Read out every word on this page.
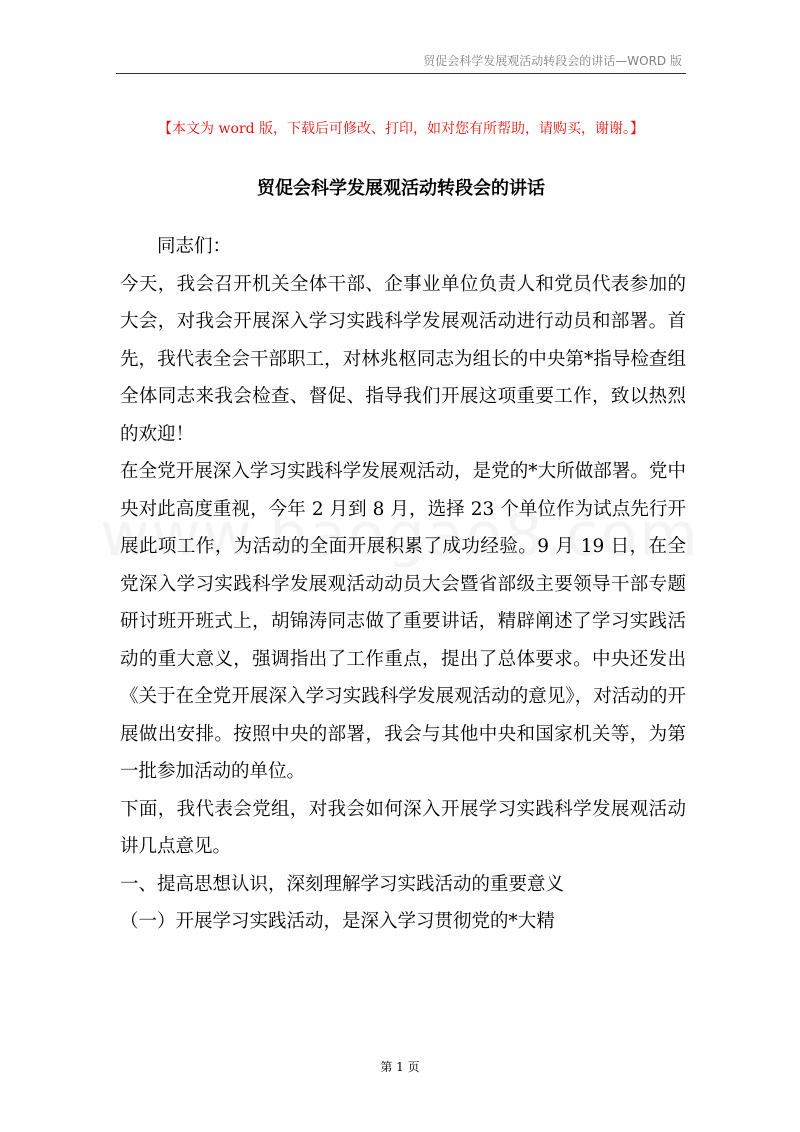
贸促会科学发展观活动转段会的讲话—WORD 版
【本文为 word 版，下载后可修改、打印，如对您有所帮助，请购买，谢谢。】
贸促会科学发展观活动转段会的讲话

同志们：

今天，我会召开机关全体干部、企事业单位负责人和党员代表参加的大会，对我会开展深入学习实践科学发展观活动进行动员和部署。首先，我代表全会干部职工，对林兆枢同志为组长的中央第*指导检查组全体同志来我会检查、督促、指导我们开展这项重要工作，致以热烈的欢迎！

在全党开展深入学习实践科学发展观活动，是党的*大所做部署。党中央对此高度重视，今年 2 月到 8 月，选择 23 个单位作为试点先行开展此项工作，为活动的全面开展积累了成功经验。9 月 19 日，在全党深入学习实践科学发展观活动动员大会暨省部级主要领导干部专题研讨班开班式上，胡锦涛同志做了重要讲话，精辟阐述了学习实践活动的重大意义，强调指出了工作重点，提出了总体要求。中央还发出《关于在全党开展深入学习实践科学发展观活动的意见》，对活动的开展做出安排。按照中央的部署，我会与其他中央和国家机关等，为第一批参加活动的单位。

下面，我代表会党组，对我会如何深入开展学习实践科学发展观活动讲几点意见。

一、提高思想认识，深刻理解学习实践活动的重要意义

（一）开展学习实践活动，是深入学习贯彻党的*大精

第 1 页
